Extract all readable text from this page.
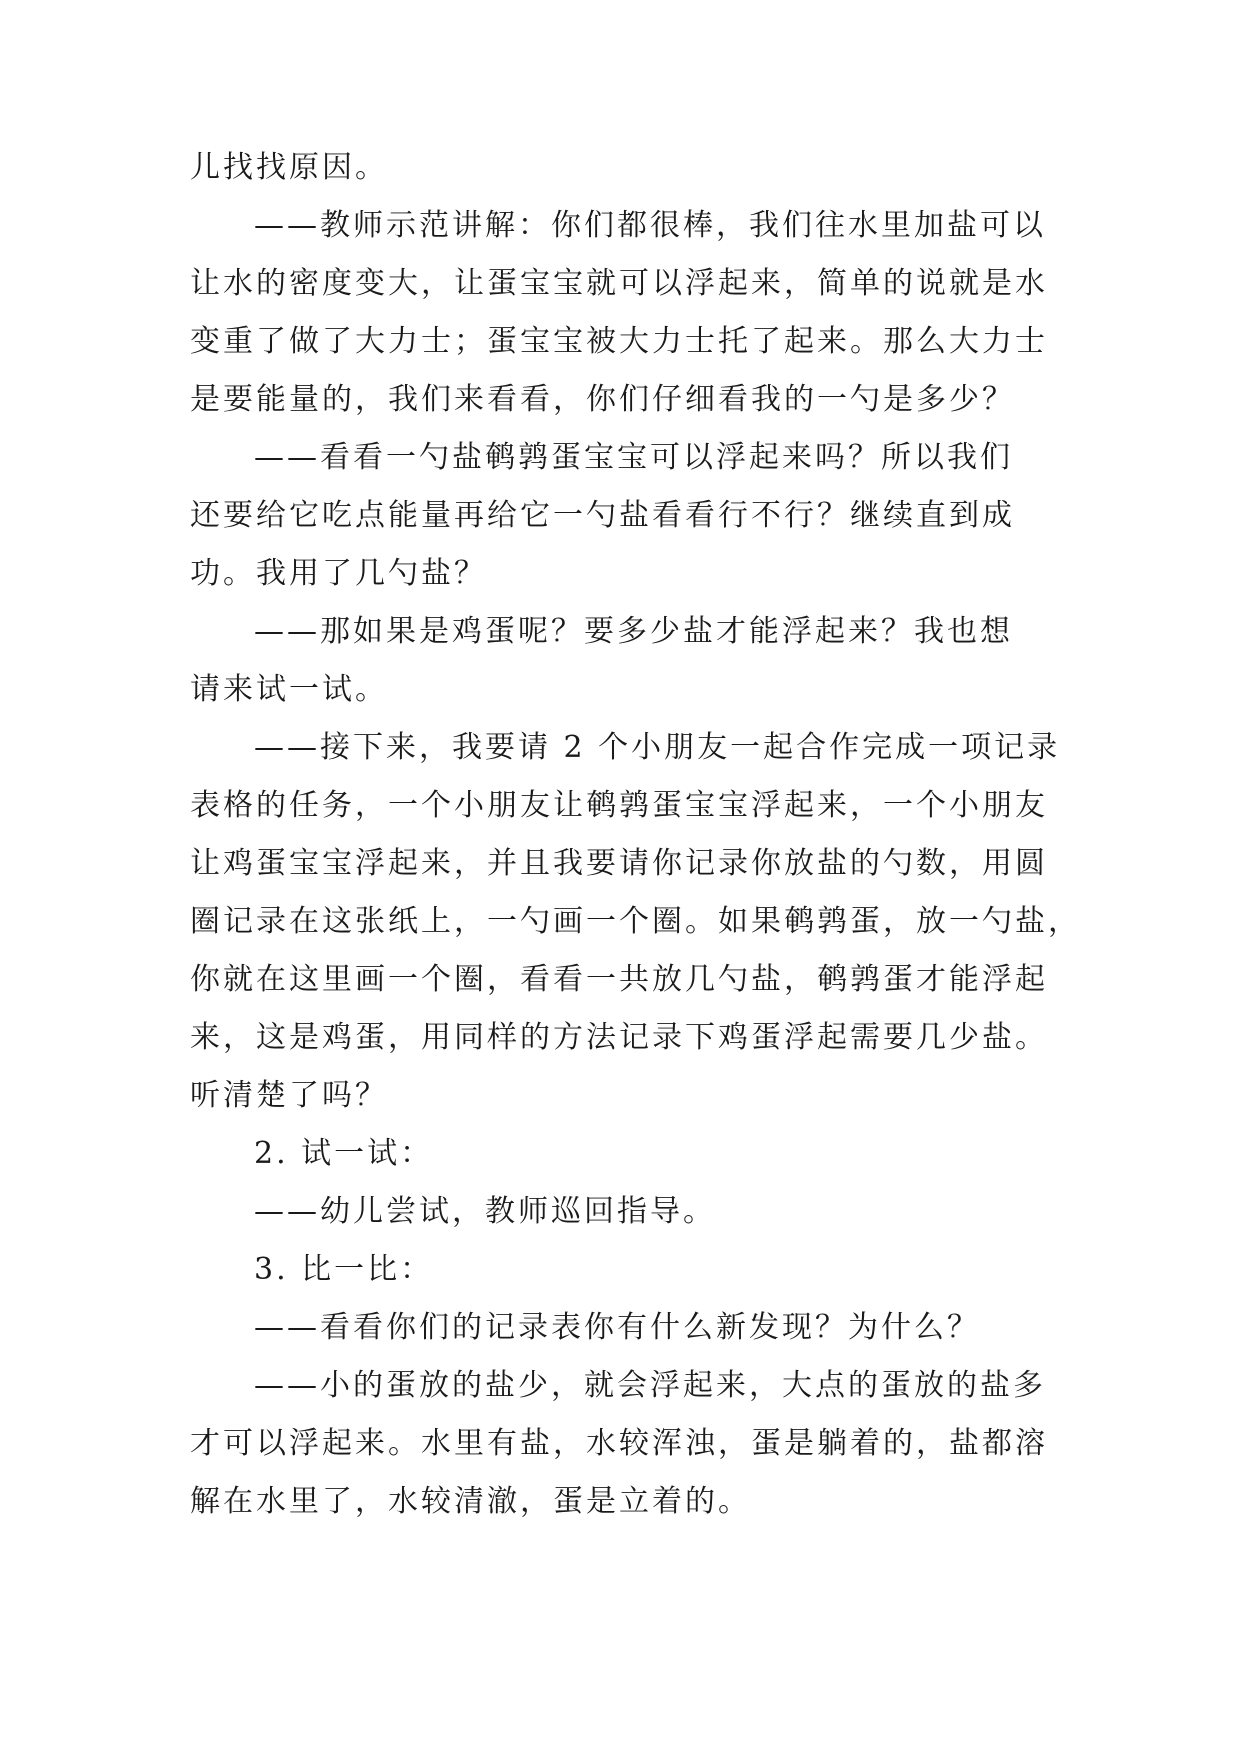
儿找找原因。
——教师示范讲解：你们都很棒，我们往水里加盐可以
让水的密度变大，让蛋宝宝就可以浮起来，简单的说就是水
变重了做了大力士；蛋宝宝被大力士托了起来。那么大力士
是要能量的，我们来看看，你们仔细看我的一勺是多少？
——看看一勺盐鹌鹑蛋宝宝可以浮起来吗？所以我们
还要给它吃点能量再给它一勺盐看看行不行？继续直到成
功。我用了几勺盐？
——那如果是鸡蛋呢？要多少盐才能浮起来？我也想
请来试一试。
——接下来，我要请 2 个小朋友一起合作完成一项记录
表格的任务，一个小朋友让鹌鹑蛋宝宝浮起来，一个小朋友
让鸡蛋宝宝浮起来，并且我要请你记录你放盐的勺数，用圆
圈记录在这张纸上，一勺画一个圈。如果鹌鹑蛋，放一勺盐，
你就在这里画一个圈，看看一共放几勺盐，鹌鹑蛋才能浮起
来，这是鸡蛋，用同样的方法记录下鸡蛋浮起需要几少盐。
听清楚了吗？
2. 试一试：
——幼儿尝试，教师巡回指导。
3. 比一比：
——看看你们的记录表你有什么新发现？为什么？
——小的蛋放的盐少，就会浮起来，大点的蛋放的盐多
才可以浮起来。水里有盐，水较浑浊，蛋是躺着的，盐都溶
解在水里了，水较清澈，蛋是立着的。
